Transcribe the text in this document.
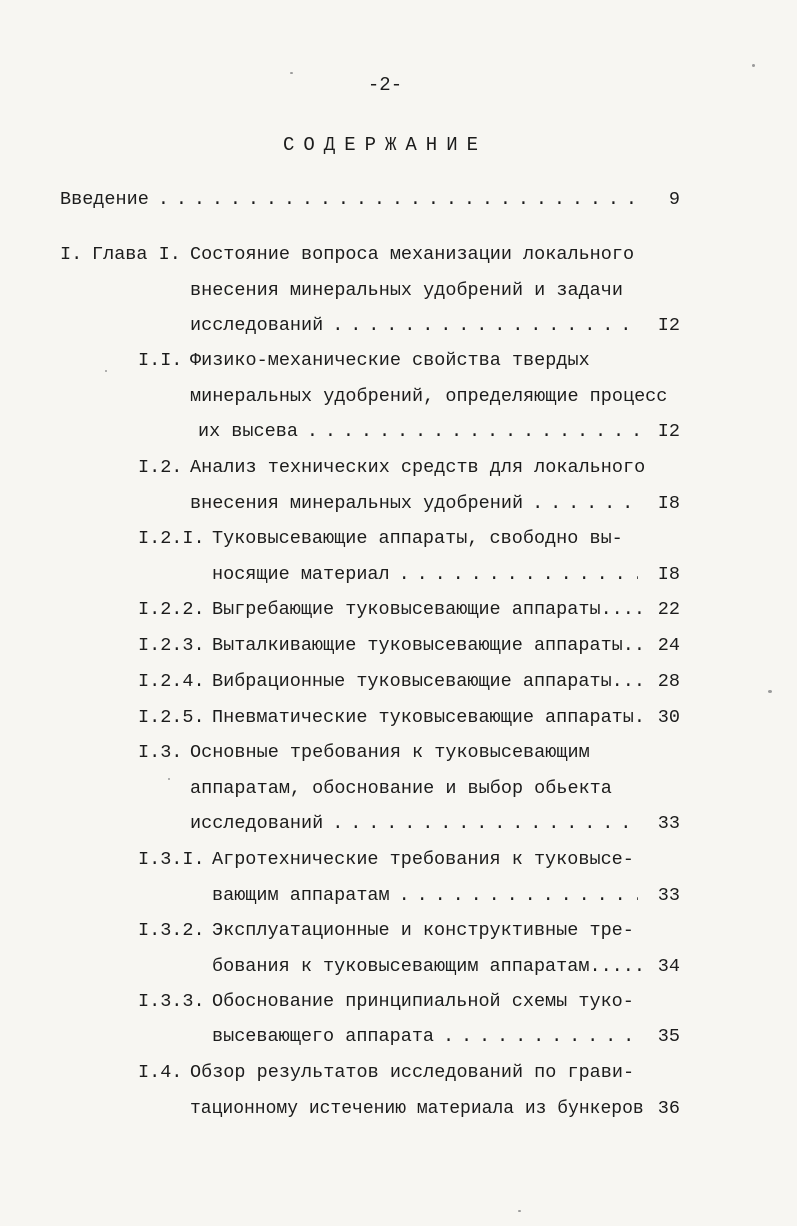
-2-
СОДЕРЖАНИЕ
Введение . . .	9
I. Глава I. Состояние вопроса механизации локального
внесения минеральных удобрений и задачи
исследований . . .	I2
I.I. Физико-механические свойства твердых
минеральных удобрений, определяющие процесс
их высева . . .	I2
I.2. Анализ технических средств для локального
внесения минеральных удобрений . . .	I8
I.2.I. Туковысевающие аппараты, свободно вы-
носящие материал . . .	I8
I.2.2. Выгребающие туковысевающие аппараты.... 22
I.2.3. Выталкивающие туковысевающие аппараты.. 24
I.2.4. Вибрационные туковысевающие аппараты... 28
I.2.5. Пневматические туковысевающие аппараты. 30
I.3. Основные требования к туковысевающим
аппаратам, обоснование и выбор обьекта
исследований . . .	33
I.3.I. Агротехнические требования к туковысе-
вающим аппаратам . . .	33
I.3.2. Эксплуатационные и конструктивные тре-
бования к туковысевающим аппаратам..... 34
I.3.3. Обоснование принципиальной схемы туко-
высевающего аппарата . . .	35
I.4. Обзор результатов исследований по грави-
тационному истечению материала из бункеров 36
